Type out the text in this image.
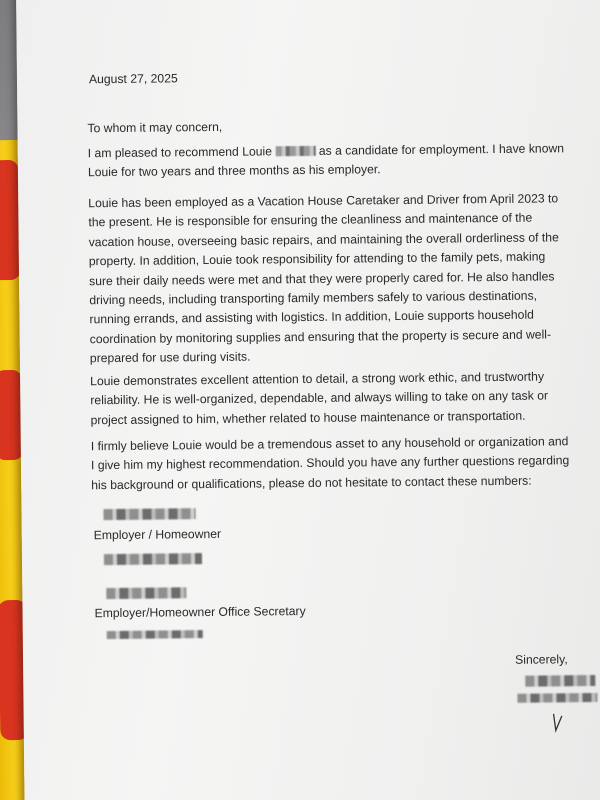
August 27, 2025
To whom it may concern,

I am pleased to recommend Louie	as a candidate for employment. I have known Louie for two years and three months as his employer.

Louie has been employed as a Vacation House Caretaker and Driver from April 2023 to the present. He is responsible for ensuring the cleanliness and maintenance of the vacation house, overseeing basic repairs, and maintaining the overall orderliness of the property. In addition, Louie took responsibility for attending to the family pets, making sure their daily needs were met and that they were properly cared for. He also handles driving needs, including transporting family members safely to various destinations, running errands, and assisting with logistics. In addition, Louie supports household coordination by monitoring supplies and ensuring that the property is secure and well-prepared for use during visits.

Louie demonstrates excellent attention to detail, a strong work ethic, and trustworthy reliability. He is well-organized, dependable, and always willing to take on any task or project assigned to him, whether related to house maintenance or transportation.

I firmly believe Louie would be a tremendous asset to any household or organization and I give him my highest recommendation. Should you have any further questions regarding his background or qualifications, please do not hesitate to contact these numbers:

Employer / Homeowner
Employer/Homeowner Office Secretary
Sincerely,
